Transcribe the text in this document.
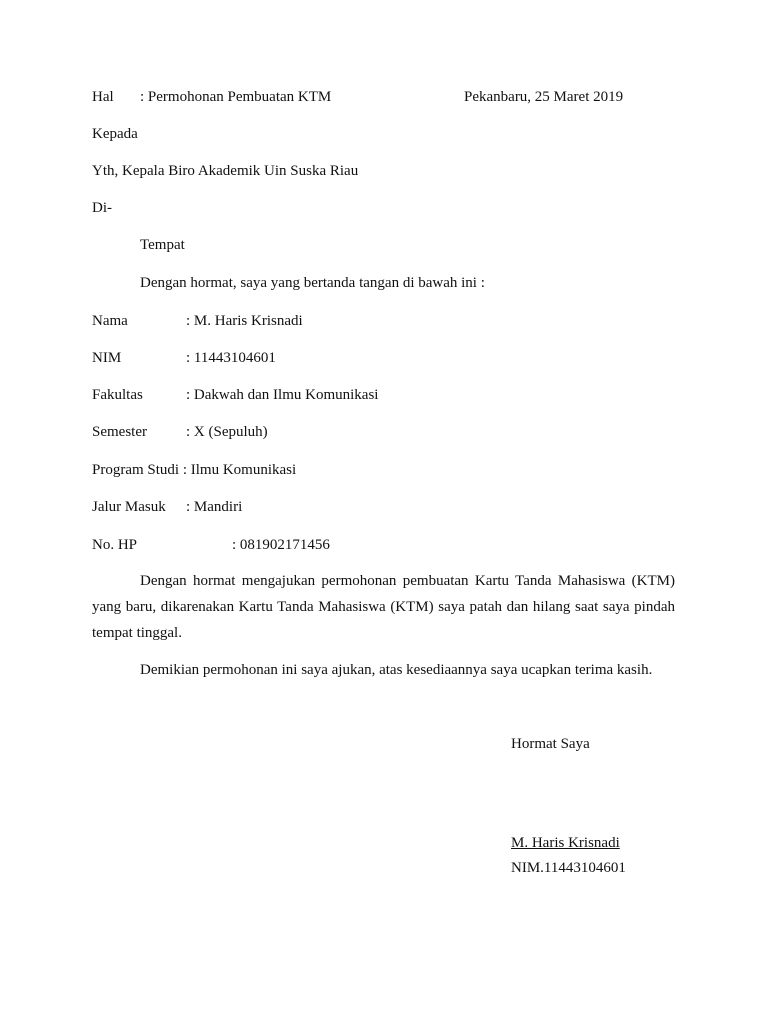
Hal : Permohonan Pembuatan KTM	Pekanbaru, 25 Maret 2019
Kepada
Yth, Kepala Biro Akademik Uin Suska Riau
Di-
Tempat
Dengan hormat, saya yang bertanda tangan di bawah ini :
Nama	: M. Haris Krisnadi
NIM	: 11443104601
Fakultas	: Dakwah dan Ilmu Komunikasi
Semester	: X (Sepuluh)
Program Studi : Ilmu Komunikasi
Jalur Masuk : Mandiri
No. HP	: 081902171456
Dengan hormat mengajukan permohonan pembuatan Kartu Tanda Mahasiswa (KTM) yang baru, dikarenakan Kartu Tanda Mahasiswa (KTM) saya patah dan hilang saat saya pindah tempat tinggal.
Demikian permohonan ini saya ajukan, atas kesediaannya saya ucapkan terima kasih.
Hormat Saya
M. Haris Krisnadi
NIM.11443104601
